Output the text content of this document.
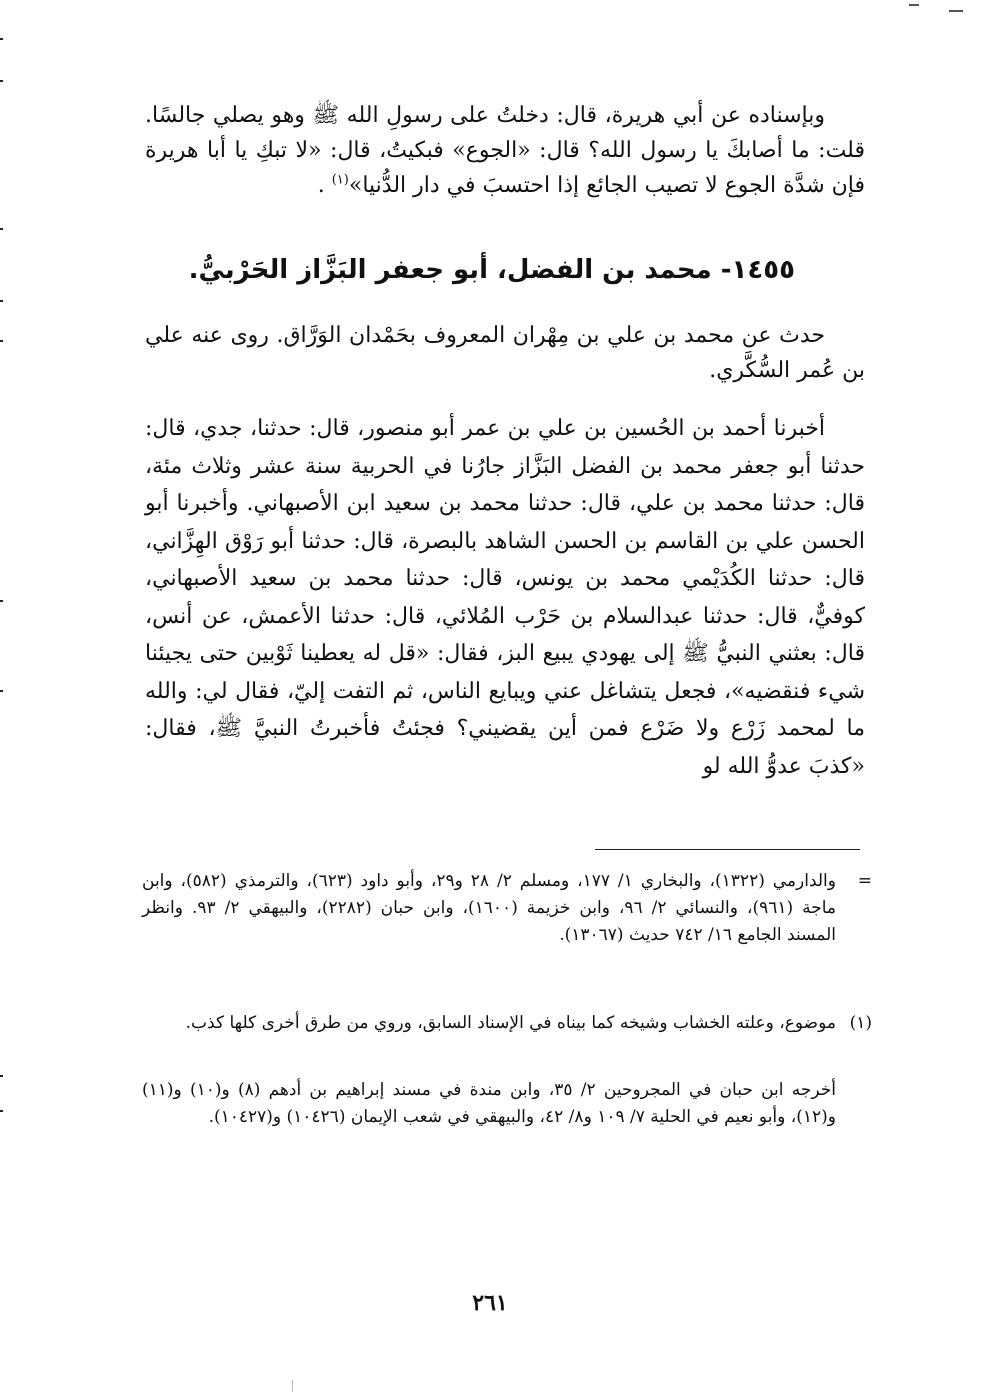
وبإسناده عن أبي هريرة، قال: دخلتُ على رسولِ الله ﷺ وهو يصلي جالسًا. قلت: ما أصابكَ يا رسول الله؟ قال: «الجوع» فبكيتُ، قال: «لا تبكِ يا أبا هريرة فإن شدَّة الجوع لا تصيب الجائع إذا احتسبَ في دار الدُّنيا»$^{(١)}$ .

١٤٥٥- محمد بن الفضل، أبو جعفر البَزَّاز الحَرْبيُّ.

حدث عن محمد بن علي بن مِهْران المعروف بحَمْدان الوَرَّاق. روى عنه علي بن عُمر السُّكَّري.

أخبرنا أحمد بن الحُسين بن علي بن عمر أبو منصور، قال: حدثنا، جدي، قال: حدثنا أبو جعفر محمد بن الفضل البَزَّاز جارُنا في الحربية سنة عشر وثلاث مئة، قال: حدثنا محمد بن علي، قال: حدثنا محمد بن سعيد ابن الأصبهاني. وأخبرنا أبو الحسن علي بن القاسم بن الحسن الشاهد بالبصرة، قال: حدثنا أبو رَوْق الهِزَّاني، قال: حدثنا الكُدَيْمي محمد بن يونس، قال: حدثنا محمد بن سعيد الأصبهاني، كوفيٌّ، قال: حدثنا عبدالسلام بن حَرْب المُلائي، قال: حدثنا الأعمش، عن أنس، قال: بعثني النبيُّ ﷺ إلى يهودي يبيع البز، فقال: «قل له يعطينا ثَوْبين حتى يجيئنا شيء فنقضيه»، فجعل يتشاغل عني ويبايع الناس، ثم التفت إليّ، فقال لي: والله ما لمحمد زَرْع ولا ضَرْع فمن أين يقضيني؟ فجئتُ فأخبرتُ النبيَّ ﷺ، فقال: «كذبَ عدوُّ الله لو

=
والدارمي (١٣٢٢)، والبخاري ١/ ١٧٧، ومسلم ٢/ ٢٨ و٢٩، وأبو داود (٦٢٣)، والترمذي (٥٨٢)، وابن ماجة (٩٦١)، والنسائي ٢/ ٩٦، وابن خزيمة (١٦٠٠)، وابن حبان (٢٢٨٢)، والبيهقي ٢/ ٩٣. وانظر المسند الجامع ١٦/ ٧٤٢ حديث (١٣٠٦٧).
(١)
موضوع، وعلته الخشاب وشيخه كما بيناه في الإسناد السابق، وروي من طرق أخرى كلها كذب.
أخرجه ابن حبان في المجروحين ٢/ ٣٥، وابن مندة في مسند إبراهيم بن أدهم (٨) و(١٠) و(١١) و(١٢)، وأبو نعيم في الحلية ٧/ ١٠٩ و٨/ ٤٢، والبيهقي في شعب الإيمان (١٠٤٢٦) و(١٠٤٢٧).
٢٦١
